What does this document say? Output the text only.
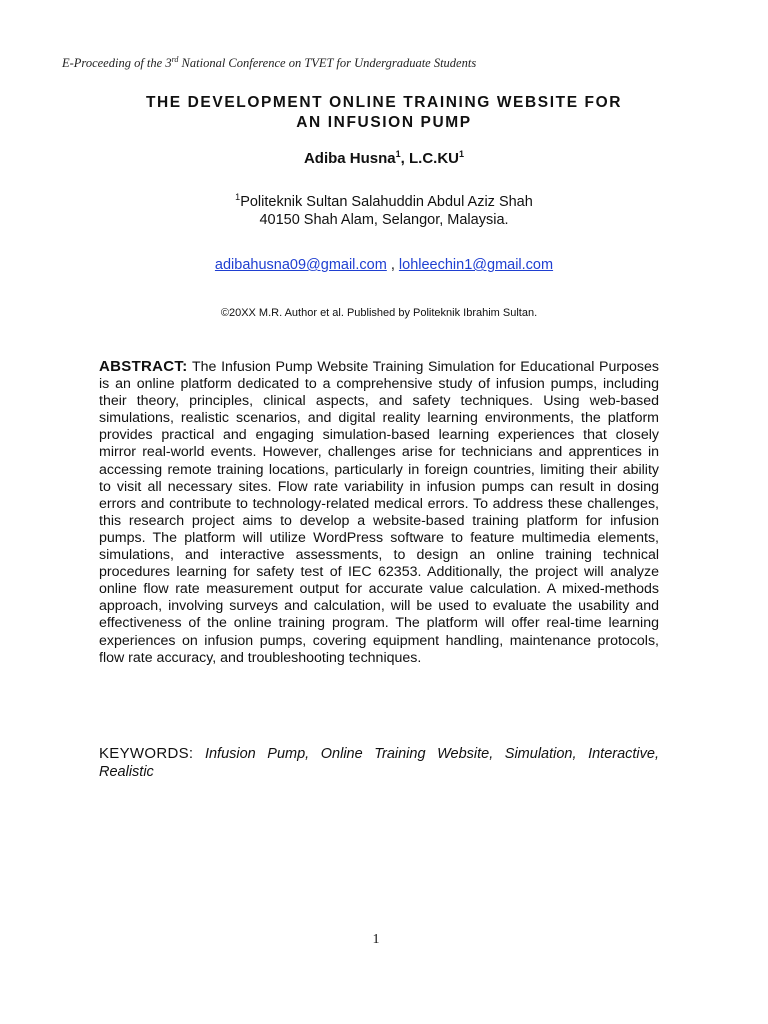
E-Proceeding of the 3rd National Conference on TVET for Undergraduate Students
THE DEVELOPMENT ONLINE TRAINING WEBSITE FOR
AN INFUSION PUMP
Adiba Husna$^1$, $L.C.KU^1$
$^1$Politeknik Sultan Salahuddin Abdul Aziz Shah
40150 Shah Alam, Selangor, Malaysia.
adibahusna09@gmail.com , lohleechin1@gmail.com
©20XX M.R. Author et al. Published by Politeknik Ibrahim Sultan.

ABSTRACT: The Infusion Pump Website Training Simulation for Educational Purposes is an online platform dedicated to a comprehensive study of infusion pumps, including their theory, principles, clinical aspects, and safety techniques. Using web-based simulations, realistic scenarios, and digital reality learning environments, the platform provides practical and engaging simulation-based learning experiences that closely mirror real-world events. However, challenges arise for technicians and apprentices in accessing remote training locations, particularly in foreign countries, limiting their ability to visit all necessary sites. Flow rate variability in infusion pumps can result in dosing errors and contribute to technology-related medical errors. To address these challenges, this research project aims to develop a website-based training platform for infusion pumps. The platform will utilize WordPress software to feature multimedia elements, simulations, and interactive assessments, to design an online training technical procedures learning for safety test of IEC 62353. Additionally, the project will analyze online flow rate measurement output for accurate value calculation. A mixed-methods approach, involving surveys and calculation, will be used to evaluate the usability and effectiveness of the online training program. The platform will offer real-time learning experiences on infusion pumps, covering equipment handling, maintenance protocols, flow rate accuracy, and troubleshooting techniques.

KEYWORDS: Infusion Pump, Online Training Website, Simulation, Interactive, Realistic

1
